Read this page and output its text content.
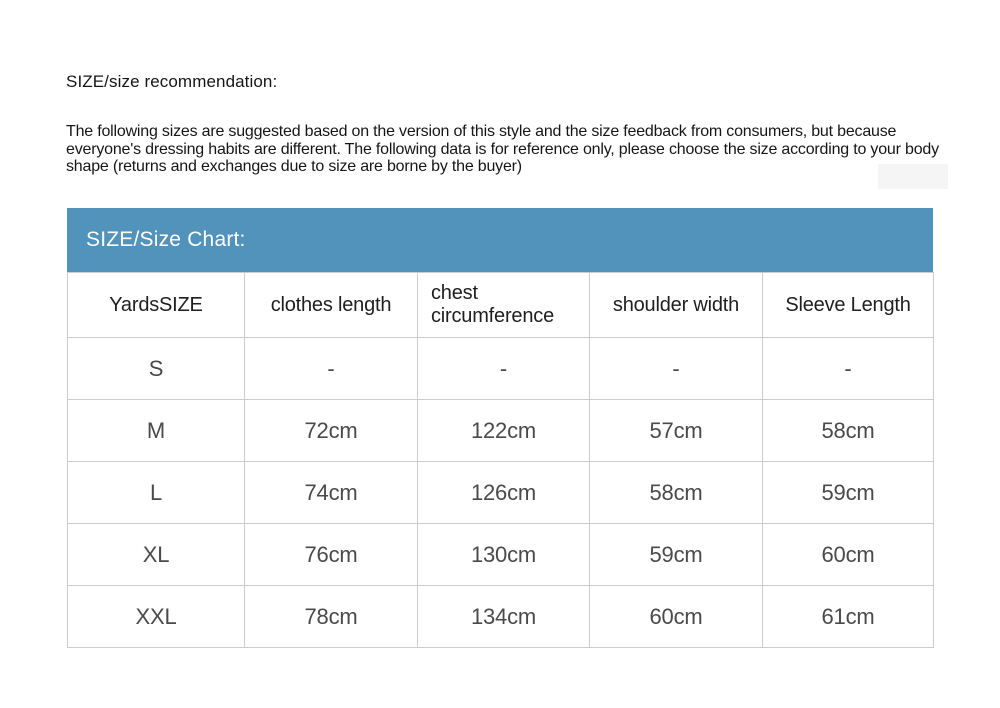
SIZE/size recommendation:
The following sizes are suggested based on the version of this style and the size feedback from consumers, but because everyone's dressing habits are different. The following data is for reference only, please choose the size according to your body shape (returns and exchanges due to size are borne by the buyer)
SIZE/Size Chart:
YardsSIZE	clothes length	chest circumference	shoulder width	Sleeve Length
S	-	-	-	-
M	72cm	122cm	57cm	58cm
L	74cm	126cm	58cm	59cm
XL	76cm	130cm	59cm	60cm
XXL	78cm	134cm	60cm	61cm
